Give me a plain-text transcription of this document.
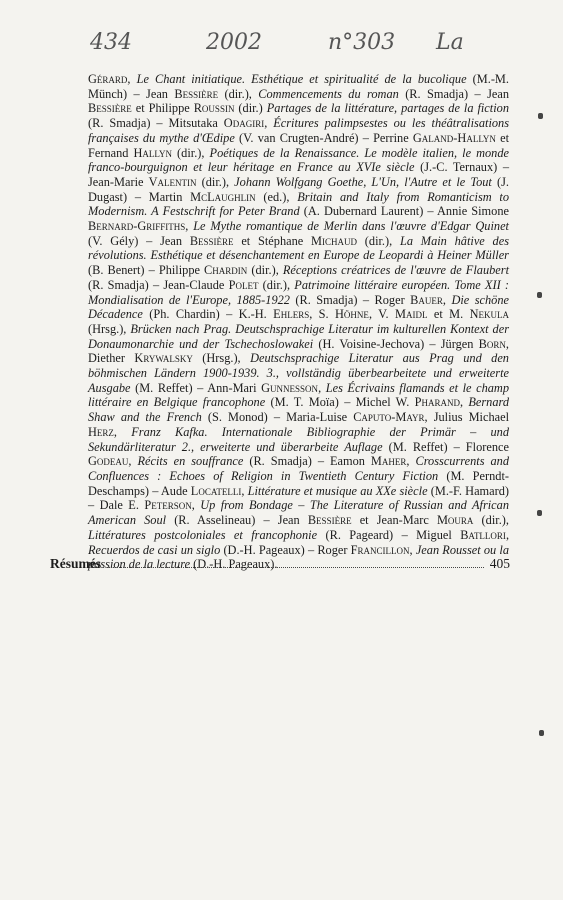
434	2002	n°303 La
Gérard, Le Chant initiatique. Esthétique et spiritualité de la bucolique (M.-M. Münch) – Jean Bessière (dir.), Commencements du roman (R. Smadja) – Jean Bessière et Philippe Roussin (dir.) Partages de la littérature, partages de la fiction (R. Smadja) – Mitsutaka Odagiri, Écritures palimpsestes ou les théâtralisations françaises du mythe d'Œdipe (V. van Crugten-André) – Perrine Galand-Hallyn et Fernand Hallyn (dir.), Poétiques de la Renaissance. Le modèle italien, le monde franco-bourguignon et leur héritage en France au XVIe siècle (J.-C. Ternaux) – Jean-Marie Valentin (dir.), Johann Wolfgang Goethe, L'Un, l'Autre et le Tout (J. Dugast) – Martin McLaughlin (ed.), Britain and Italy from Romanticism to Modernism. A Festschrift for Peter Brand (A. Dubernard Laurent) – Annie Simone Bernard-Griffiths, Le Mythe romantique de Merlin dans l'œuvre d'Edgar Quinet (V. Gély) – Jean Bessière et Stéphane Michaud (dir.), La Main hâtive des révolutions. Esthétique et désenchantement en Europe de Leopardi à Heiner Müller (B. Benert) – Philippe Chardin (dir.), Réceptions créatrices de l'œuvre de Flaubert (R. Smadja) – Jean-Claude Polet (dir.), Patrimoine littéraire européen. Tome XII : Mondialisation de l'Europe, 1885-1922 (R. Smadja) – Roger Bauer, Die schöne Décadence (Ph. Chardin) – K.-H. Ehlers, S. Höhne, V. Maidl et M. Nekula (Hrsg.), Brücken nach Prag. Deutschsprachige Literatur im kulturellen Kontext der Donaumonarchie und der Tschechoslowakei (H. Voisine-Jechova) – Jürgen Born, Diether Krywalsky (Hrsg.), Deutschsprachige Literatur aus Prag und den böhmischen Ländern 1900-1939. 3., vollständig überbearbeitete und erweiterte Ausgabe (M. Reffet) – Ann-Mari Gunnesson, Les Écrivains flamands et le champ littéraire en Belgique francophone (M. T. Moïa) – Michel W. Pharand, Bernard Shaw and the French (S. Monod) – Maria-Luise Caputo-Mayr, Julius Michael Herz, Franz Kafka. Internationale Bibliographie der Primär – und Sekundärliteratur 2., erweiterte und überarbeite Auflage (M. Reffet) – Florence Godeau, Récits en souffrance (R. Smadja) – Eamon Maher, Crosscurrents and Confluences : Echoes of Religion in Twentieth Century Fiction (M. Perndt-Deschamps) – Aude Locatelli, Littérature et musique au XXe siècle (M.-F. Hamard) – Dale E. Peterson, Up from Bondage – The Literature of Russian and African American Soul (R. Asselineau) – Jean Bessière et Jean-Marc Moura (dir.), Littératures postcoloniales et francophonie (R. Pageard) – Miguel Batllori, Recuerdos de casi un siglo (D.-H. Pageaux) – Roger Francillon, Jean Rousset ou la passion de la lecture (D.-H. Pageaux).
Résumés	405
